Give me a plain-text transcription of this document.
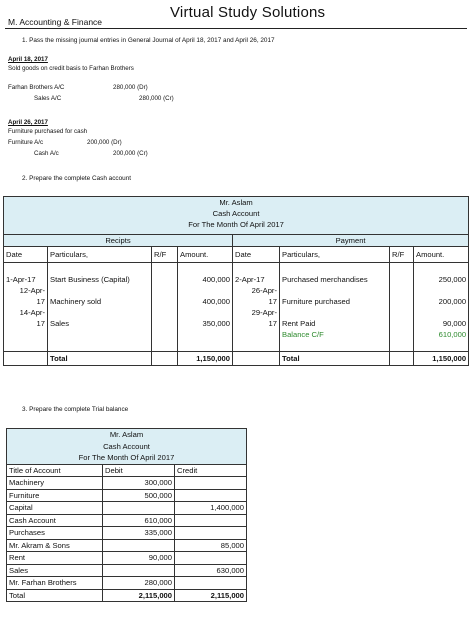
Virtual Study Solutions
M. Accounting & Finance
1. Pass the missing journal entries in General Journal of April 18, 2017 and April 26, 2017
April 18, 2017
Sold goods on credit basis to Farhan Brothers
Farhan Brothers A/C	280,000 (Dr)
Sales A/C	280,000 (Cr)
April 26, 2017
Furniture purchased for cash
Furniture A/c	200,000 (Dr)
Cash A/c	200,000 (Cr)
2. Prepare the complete Cash account
Mr. Aslam							
Cash Account							
For The Month Of April 2017							
Recipts				Payment			
Date	Particulars,	R/F	Amount.	Date	Particulars,	R/F	Amount.

1-Apr-17	Start Business (Capital)		400,000	2-Apr-17	Purchased merchandises		250,000
12-Apr-				26-Apr-			
17	Machinery sold		400,000	17	Furniture purchased		200,000
14-Apr-				29-Apr-			
17	Sales		350,000	17	Rent Paid		90,000
					Balance C/F		610,000

	Total		1,150,000		Total		1,150,000
3. Prepare the complete Trial balance
Mr. Aslam		
Cash Account		
For The Month Of April 2017		
Title of Account	Debit	Credit
Machinery	300,000	
Furniture	500,000	
Capital		1,400,000
Cash Account	610,000	
Purchases	335,000	
Mr. Akram & Sons		85,000
Rent	90,000	
Sales		630,000
Mr. Farhan Brothers	280,000	
Total	2,115,000	2,115,000
